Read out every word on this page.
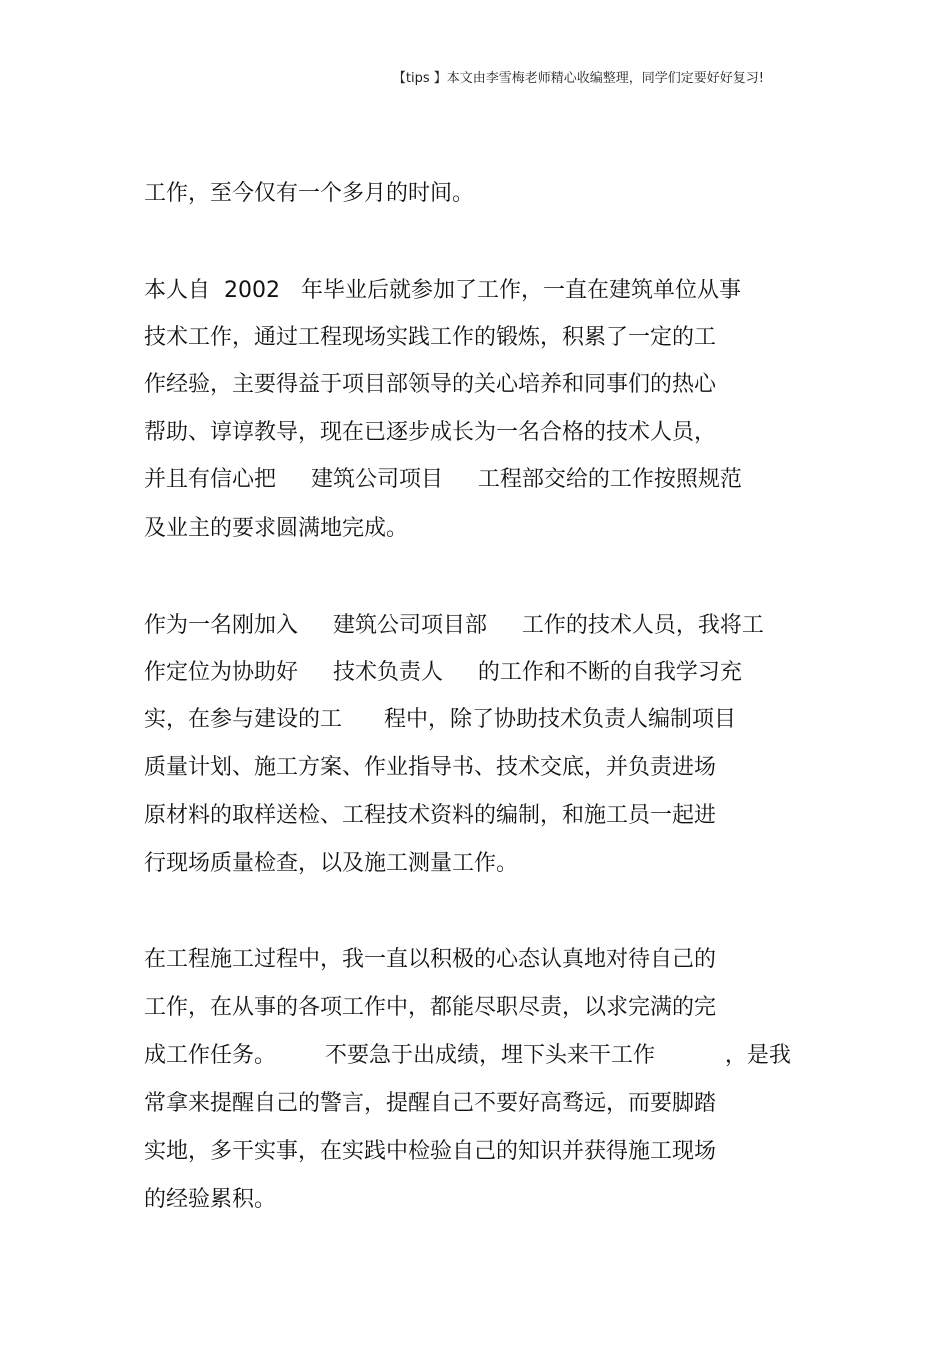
【tips 】本文由李雪梅老师精心收编整理，同学们定要好好复习!
工作，至今仅有一个多月的时间。
本人自  2002   年毕业后就参加了工作，一直在建筑单位从事
技术工作，通过工程现场实践工作的锻炼，积累了一定的工
作经验，主要得益于项目部领导的关心培养和同事们的热心
帮助、谆谆教导，现在已逐步成长为一名合格的技术人员，
并且有信心把     建筑公司项目     工程部交给的工作按照规范
及业主的要求圆满地完成。
作为一名刚加入     建筑公司项目部     工作的技术人员，我将工
作定位为协助好     技术负责人     的工作和不断的自我学习充
实，在参与建设的工      程中，除了协助技术负责人编制项目
质量计划、施工方案、作业指导书、技术交底，并负责进场
原材料的取样送检、工程技术资料的编制，和施工员一起进
行现场质量检查，以及施工测量工作。
在工程施工过程中，我一直以积极的心态认真地对待自己的
工作，在从事的各项工作中，都能尽职尽责，以求完满的完
成工作任务。       不要急于出成绩，埋下头来干工作          ，是我
常拿来提醒自己的警言，提醒自己不要好高骛远，而要脚踏
实地，多干实事，在实践中检验自己的知识并获得施工现场
的经验累积。
